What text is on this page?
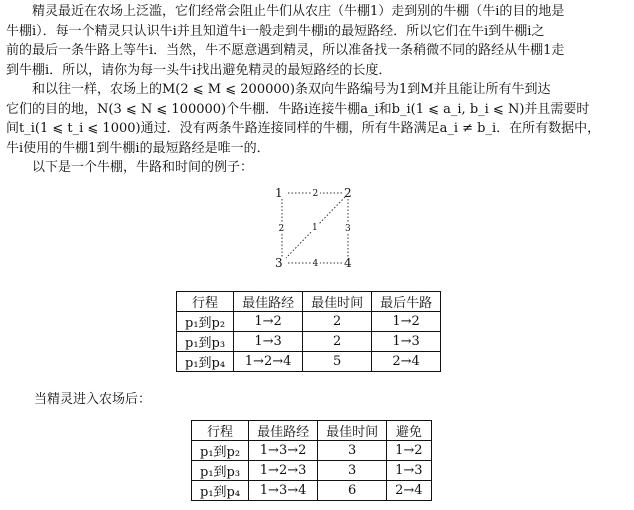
精灵最近在农场上泛滥，它们经常会阻止牛们从农庄（牛棚1）走到别的牛棚（牛i的目的地是
牛棚i）．每一个精灵只认识牛i并且知道牛i一般走到牛棚i的最短路经．所以它们在牛i到牛棚i之
前的最后一条牛路上等牛i．当然，牛不愿意遇到精灵，所以准备找一条稍微不同的路经从牛棚1走
到牛棚i．所以，请你为每一头牛i找出避免精灵的最短路经的长度．
和以往一样，农场上的M(2 ⩽ M ⩽ 200000)条双向牛路编号为1到M并且能让所有牛到达
它们的目的地，N(3 ⩽ N ⩽ 100000)个牛棚．牛路i连接牛棚a_i和b_i(1 ⩽ a_i, b_i ⩽ N)并且需要时
间t_i(1 ⩽ t_i ⩽ 1000)通过．没有两条牛路连接同样的牛棚，所有牛路满足a_i ≠ b_i．在所有数据中，
牛i使用的牛棚1到牛棚i的最短路经是唯一的．
以下是一个牛棚，牛路和时间的例子：
1	2
3	4
2
2	1	3
4
行程	最佳路经	最佳时间	最后牛路
p₁到p₂	1→2	2	1→2
p₁到p₃	1→3	2	1→3
p₁到p₄	1→2→4	5	2→4

当精灵进入农场后：

行程	最佳路经	最佳时间	避免
p₁到p₂	1→3→2	3	1→2
p₁到p₃	1→2→3	3	1→3
p₁到p₄	1→3→4	6	2→4
